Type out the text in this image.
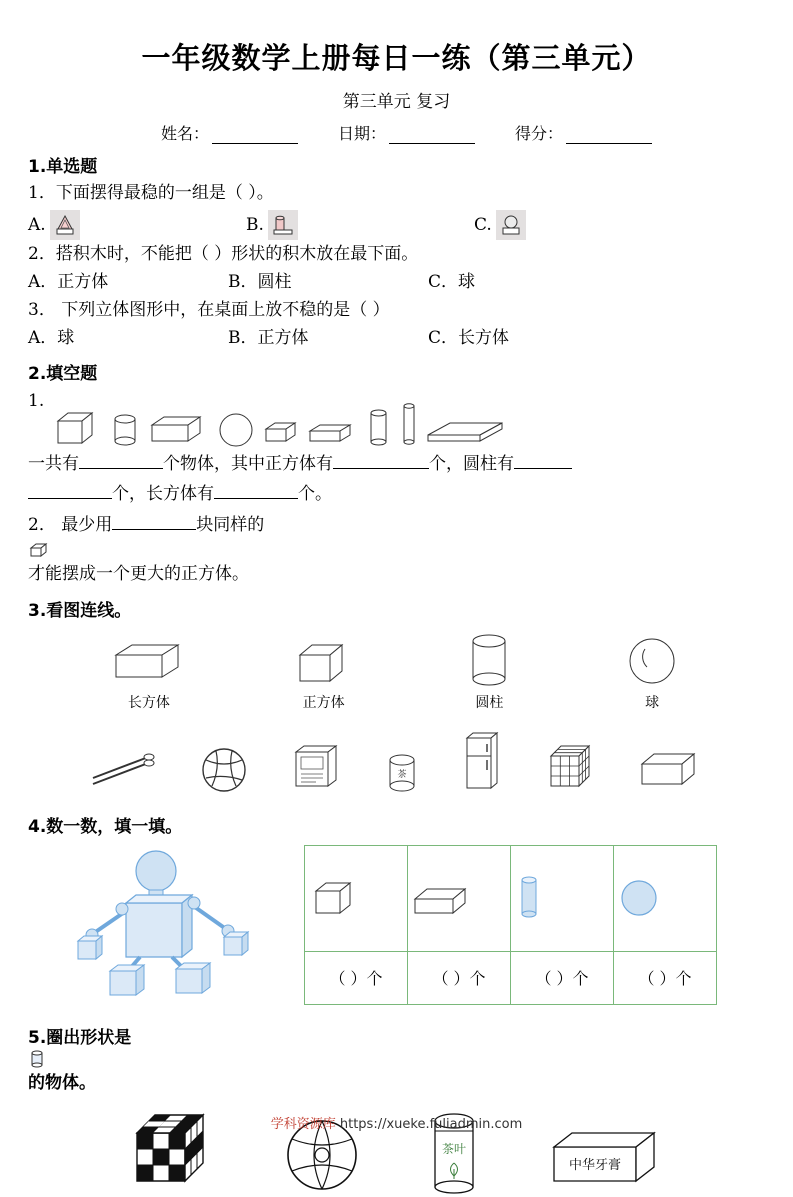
一年级数学上册每日一练（第三单元）
第三单元 复习
姓名：	日期：	得分：
1.单选题
1．下面摆得最稳的一组是（ ）。
A.	B.	C.
2．搭积木时，不能把（ ）形状的积木放在最下面。
A．正方体	B．圆柱	C．球
3． 下列立体图形中，在桌面上放不稳的是（ ）
A．球	B．正方体	C．长方体
2.填空题
1.
一共有	个物体，其中正方体有	个，圆柱有
个，长方体有	个。
2． 最少用	块同样的
才能摆成一个更大的正方体。
3.看图连线。
长方体	正方体	圆柱	球
茶
4.数一数，填一填。

（ ）个	（ ）个	（ ）个	（ ）个
5.圈出形状是
的物体。
茶叶
中华牙膏
学科资源库 https://xueke.fuliadmin.com
